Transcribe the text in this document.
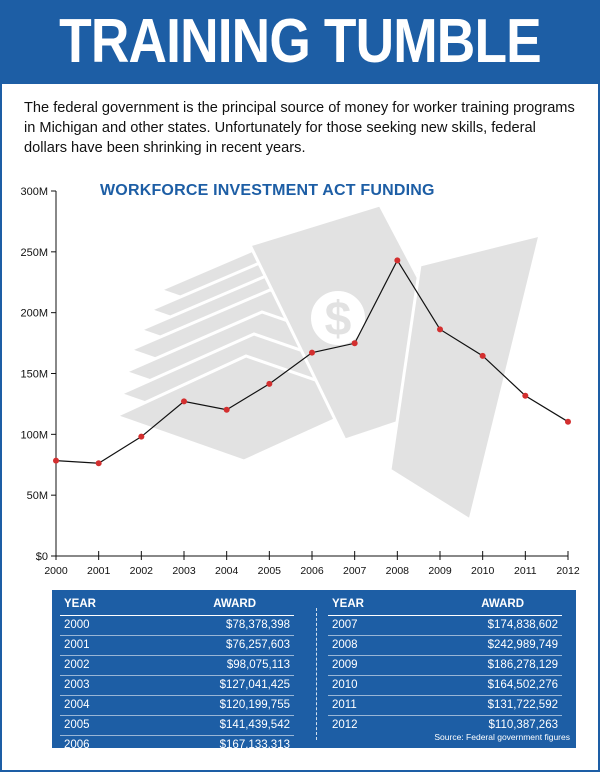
TRAINING TUMBLE
The federal government is the principal source of money for worker training programs in Michigan and other states. Unfortunately for those seeking new skills, federal dollars have been shrinking in recent years.
$
$0
50M
100M
150M
200M
250M
300M
2000 2001 2002 2003 2004 2005 2006 2007 2008 2009 2010 2011 2012
WORKFORCE INVESTMENT ACT FUNDING
YEAR	AWARD
2000	$78,378,398
2001	$76,257,603
2002	$98,075,113
2003	$127,041,425
2004	$120,199,755
2005	$141,439,542
2006	$167,133,313
YEAR	AWARD
2007	$174,838,602
2008	$242,989,749
2009	$186,278,129
2010	$164,502,276
2011	$131,722,592
2012	$110,387,263
Source: Federal government figures
